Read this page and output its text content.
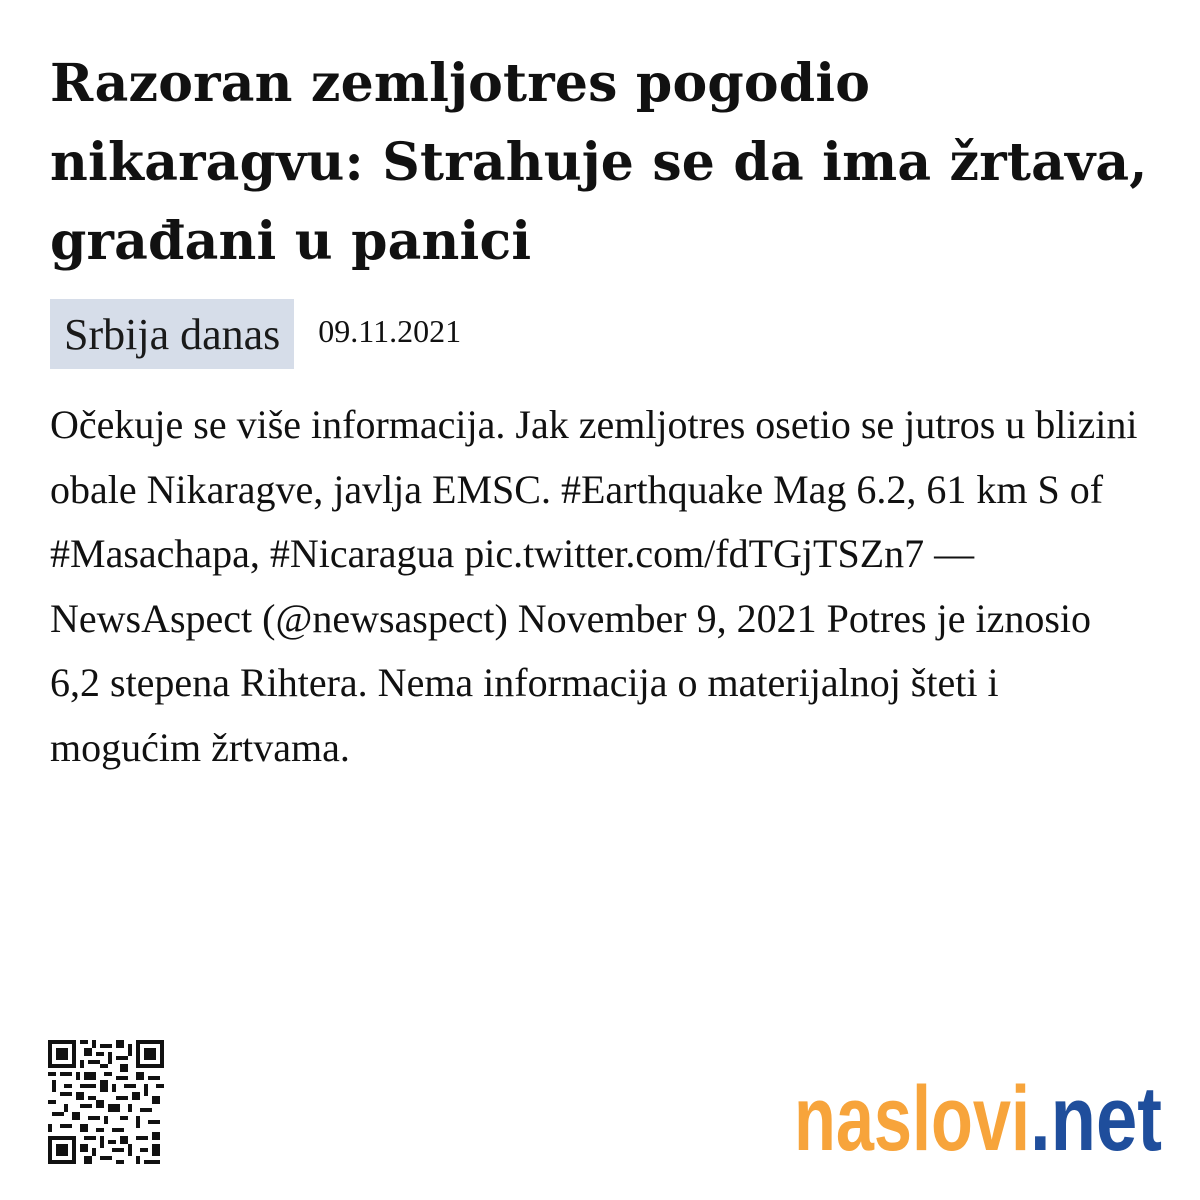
Razoran zemljotres pogodio nikaragvu: Strahuje se da ima žrtava, građani u panici
Srbija danas	09.11.2021

Očekuje se više informacija. Jak zemljotres osetio se jutros u blizini obale Nikaragve, javlja EMSC. #Earthquake Mag 6.2, 61 km S of #Masachapa, #Nicaragua pic.twitter.com/fdTGjTSZn7 — NewsAspect (@newsaspect) November 9, 2021 Potres je iznosio 6,2 stepena Rihtera. Nema informacija o materijalnoj šteti i mogućim žrtvama.

naslovi .net
